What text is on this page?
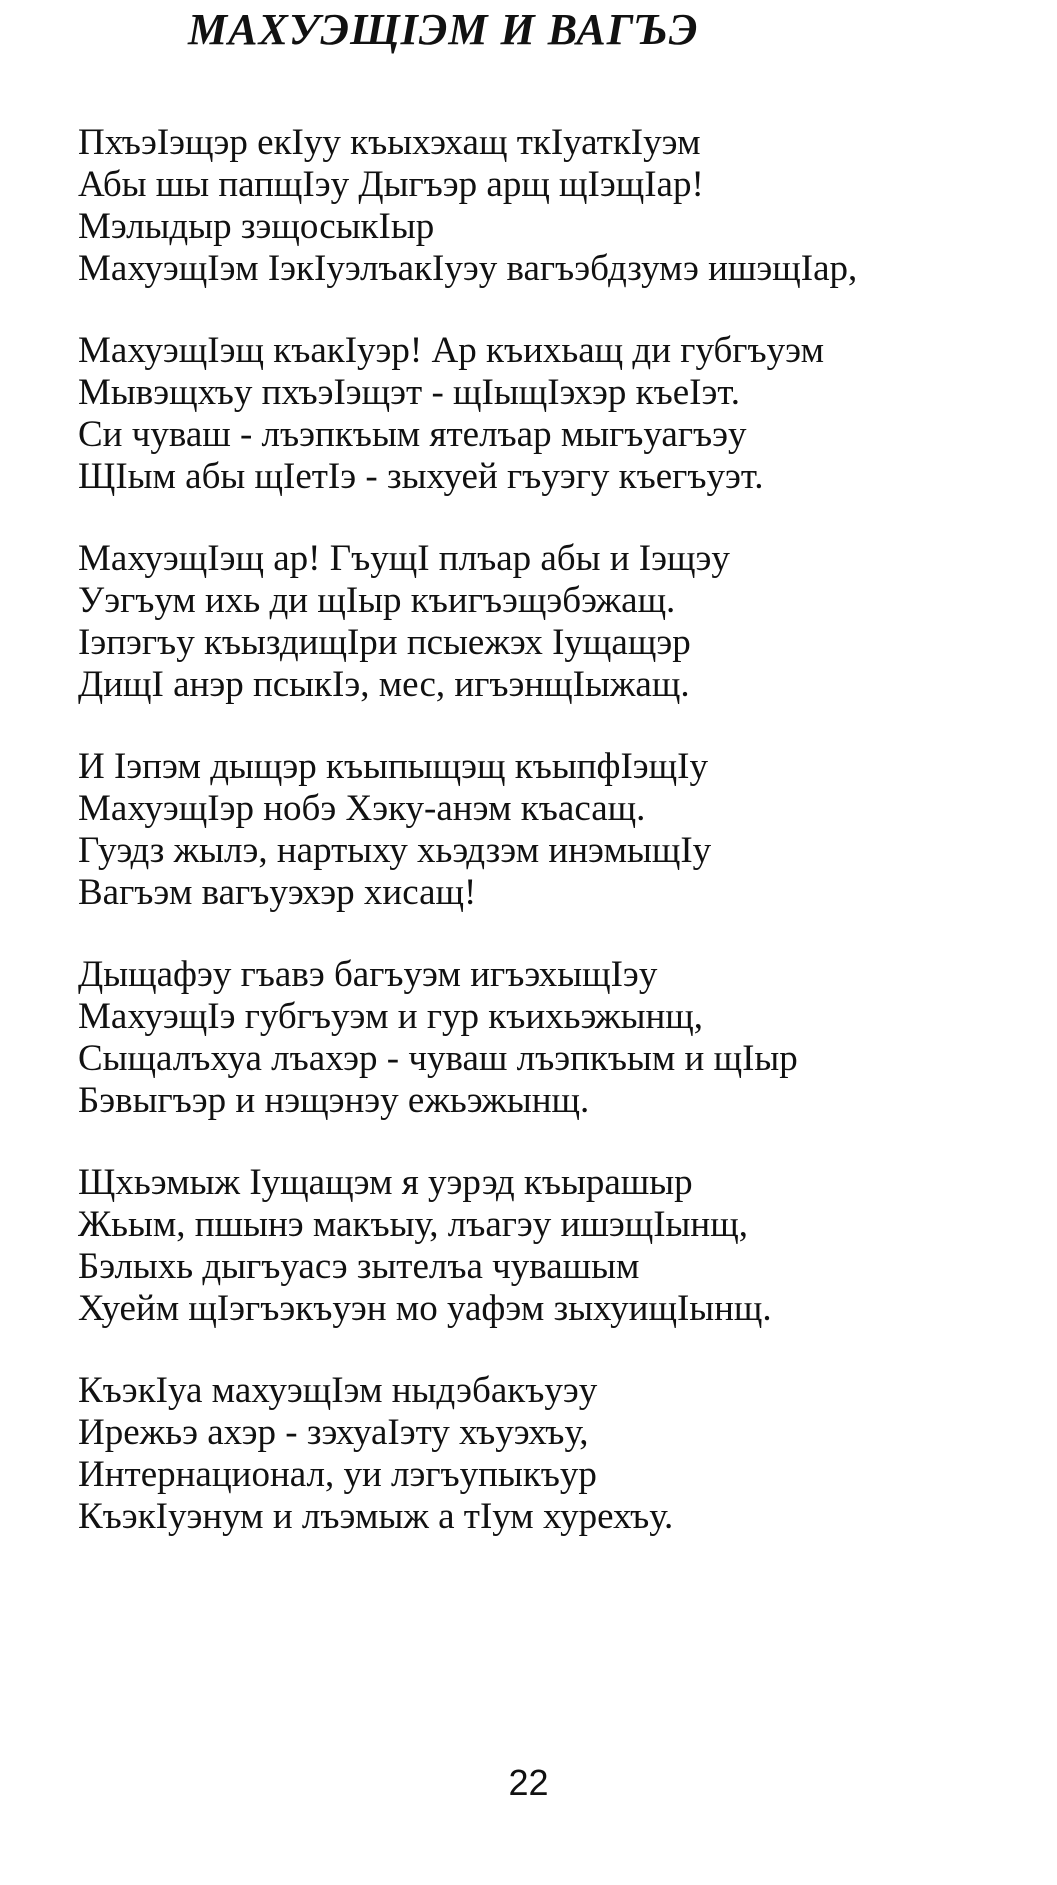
МАХУЭЩIЭМ И ВАГЪЭ
ПхъэIэщэр екIуу къыхэхащ ткIуаткIуэм
Абы шы папщIэу Дыгъэр арщ щIэщIар!
Мэлыдыр зэщосыкIыр
МахуэщIэм IэкIуэлъакIуэу вагъэбдзумэ ишэщIар,
МахуэщIэщ къакIуэр! Ар къихьащ ди губгъуэм
Мывэщхъу пхъэIэщэт - щIыщIэхэр къеIэт.
Си чуваш - лъэпкъым ятелъар мыгъуагъэу
ЩIым абы щIетIэ - зыхуей гъуэгу къегъуэт.
МахуэщIэщ ар! ГъущI плъар абы и Iэщэу
Уэгъум ихь ди щIыр къигъэщэбэжащ.
Iэпэгъу къыздищIри псыежэх Iущащэр
ДищI анэр псыкIэ, мес, игъэнщIыжащ.
И Iэпэм дыщэр къыпыщэщ къыпфIэщIу
МахуэщIэр нобэ Хэку-анэм къасащ.
Гуэдз жылэ, нартыху хьэдзэм инэмыщIу
Вагъэм вагъуэхэр хисащ!
Дыщафэу гъавэ багъуэм игъэхыщIэу
МахуэщIэ губгъуэм и гур къихьэжынщ,
Сыщалъхуа лъахэр - чуваш лъэпкъым и щIыр
Бэвыгъэр и нэщэнэу ежьэжынщ.
Щхьэмыж Iущащэм я уэрэд къырашыр
Жьым, пшынэ макъыу, лъагэу ишэщIынщ,
Бэлыхь дыгъуасэ зытелъа чувашым
Хуейм щIэгъэкъуэн мо уафэм зыхуищIынщ.
КъэкIуа махуэщIэм ныдэбакъуэу
Ирежьэ ахэр - зэхуаIэту хъуэхъу,
Интернационал, уи лэгъупыкъур
КъэкIуэнум и лъэмыж а тIум хурехъу.
22
